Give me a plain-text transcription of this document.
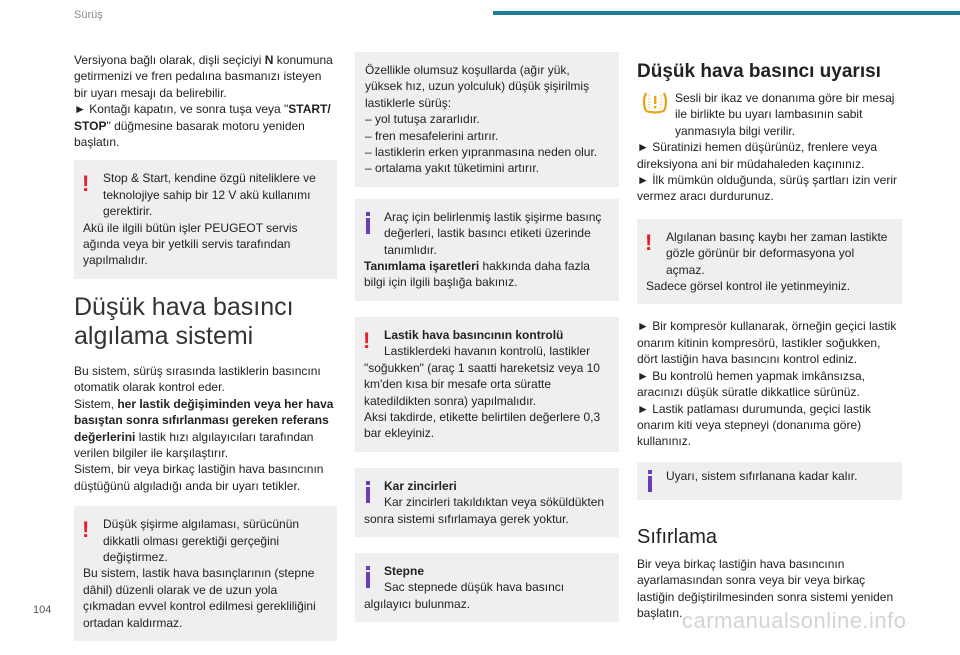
Sürüş

Versiyona bağlı olarak, dişli seçiciyi N konumuna getirmenizi ve fren pedalına basmanızı isteyen bir uyarı mesajı da belirebilir.

► Kontağı kapatın, ve sonra tuşa veya "START/ STOP" düğmesine basarak motoru yeniden başlatın.

!	Stop & Start, kendine özgü niteliklere ve teknolojiye sahip bir 12 V akü kullanımı gerektirir.
Akü ile ilgili bütün işler PEUGEOT servis ağında veya bir yetkili servis tarafından yapılmalıdır.
Düşük hava basıncı algılama sistemi

Bu sistem, sürüş sırasında lastiklerin basıncını otomatik olarak kontrol eder.
Sistem, her lastik değişiminden veya her hava basıştan sonra sıfırlanması gereken referans değerlerini lastik hızı algılayıcıları tarafından verilen bilgiler ile karşılaştırır.
Sistem, bir veya birkaç lastiğin hava basıncının düştüğünü algıladığı anda bir uyarı tetikler.

!	Düşük şişirme algılaması, sürücünün dikkatli olması gerektiği gerçeğini değiştirmez.
Bu sistem, lastik hava basınçlarının (stepne dâhil) düzenli olarak ve de uzun yola çıkmadan evvel kontrol edilmesi gerekliliğini ortadan kaldırmaz.
Özellikle olumsuz koşullarda (ağır yük, yüksek hız, uzun yolculuk) düşük şişirilmiş lastiklerle sürüş:
– yol tutuşa zararlıdır.
– fren mesafelerini artırır.
– lastiklerin erken yıpranmasına neden olur.
– ortalama yakıt tüketimini artırır.
Araç için belirlenmiş lastik şişirme basınç değerleri, lastik basıncı etiketi üzerinde tanımlıdır.
Tanımlama işaretleri hakkında daha fazla bilgi için ilgili başlığa bakınız.
!	Lastik hava basıncının kontrolü
Lastiklerdeki havanın kontrolü, lastikler "soğukken" (araç 1 saatti hareketsiz veya 10 km'den kısa bir mesafe orta süratte katedildikten sonra) yapılmalıdır.
Aksi takdirde, etikette belirtilen değerlere 0,3 bar ekleyiniz.
Kar zincirleri
Kar zincirleri takıldıktan veya söküldükten sonra sistemi sıfırlamaya gerek yoktur.
Stepne
Sac stepnede düşük hava basıncı algılayıcı bulunmaz.
Düşük hava basıncı uyarısı

Sesli bir ikaz ve donanıma göre bir mesaj ile birlikte bu uyarı lambasının sabit yanmasıyla bilgi verilir.

► Süratinizi hemen düşürünüz, frenlere veya direksiyona ani bir müdahaleden kaçınınız.

► İlk mümkün olduğunda, sürüş şartları izin verir vermez aracı durdurunuz.

!	Algılanan basınç kaybı her zaman lastikte gözle görünür bir deformasyona yol açmaz.
Sadece görsel kontrol ile yetinmeyiniz.

► Bir kompresör kullanarak, örneğin geçici lastik onarım kitinin kompresörü, lastikler soğukken, dört lastiğin hava basıncını kontrol ediniz.

► Bu kontrolü hemen yapmak imkânsızsa, aracınızı düşük süratle dikkatlice sürünüz.

► Lastik patlaması durumunda, geçici lastik onarım kiti veya stepneyi (donanıma göre) kullanınız.

Uyarı, sistem sıfırlanana kadar kalır.
Sıfırlama

Bir veya birkaç lastiğin hava basıncının ayarlamasından sonra veya bir veya birkaç lastiğin değiştirilmesinden sonra sistemi yeniden başlatın.

104	carmanualsonline.info
